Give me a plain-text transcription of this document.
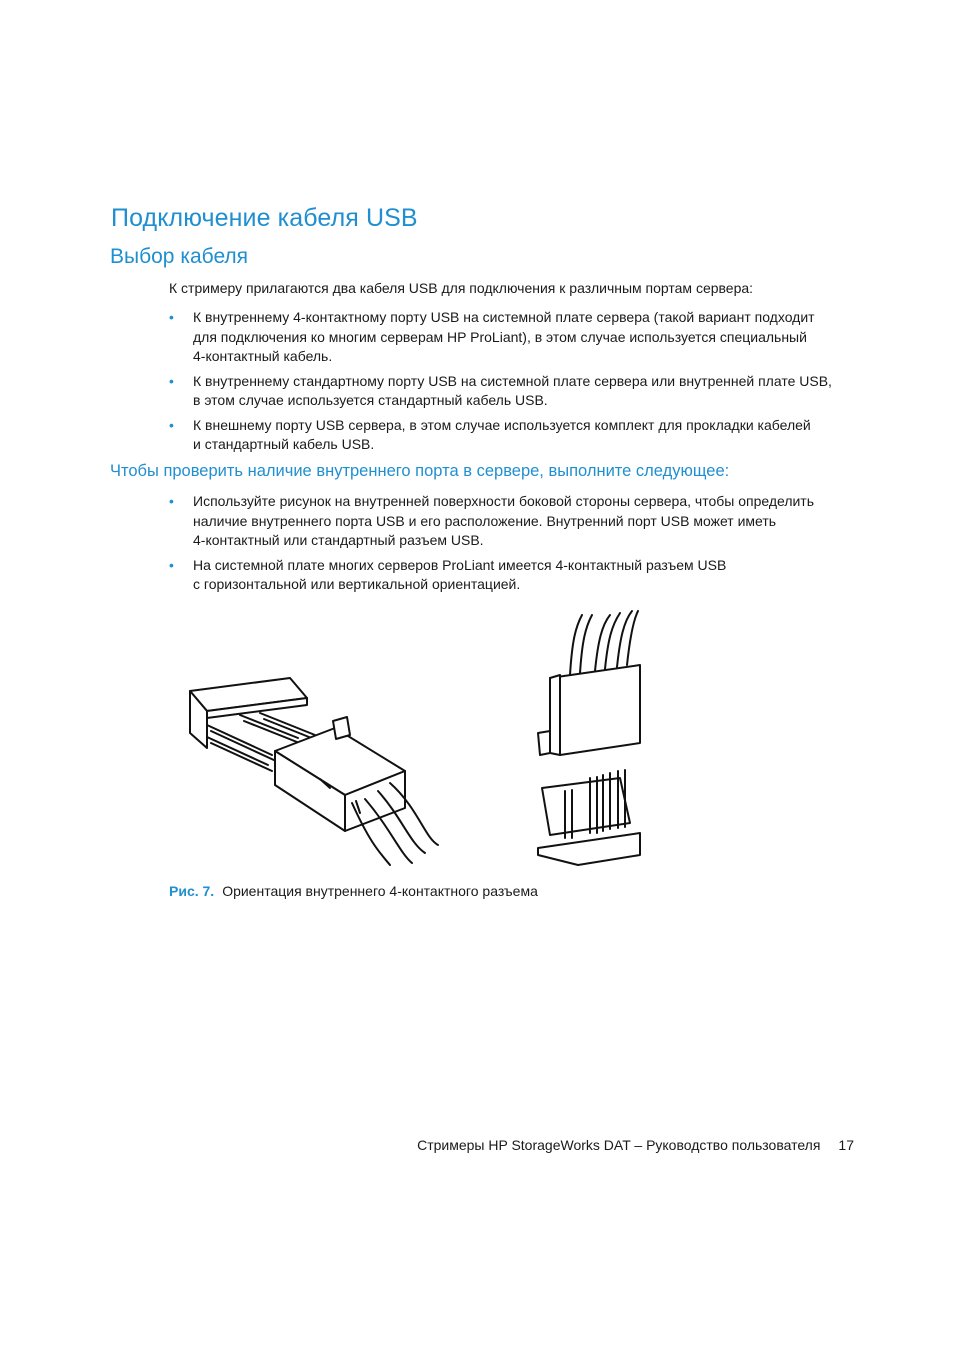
Подключение кабеля USB
Выбор кабеля

К стримеру прилагаются два кабеля USB для подключения к различным портам сервера:

• К внутреннему 4-контактному порту USB на системной плате сервера (такой вариант подходит
для подключения ко многим серверам HP ProLiant), в этом случае используется специальный
4-контактный кабель.
• К внутреннему стандартному порту USB на системной плате сервера или внутренней плате USB,
в этом случае используется стандартный кабель USB.
• К внешнему порту USB сервера, в этом случае используется комплект для прокладки кабелей
и стандартный кабель USB.
Чтобы проверить наличие внутреннего порта в сервере, выполните следующее:
• Используйте рисунок на внутренней поверхности боковой стороны сервера, чтобы определить
наличие внутреннего порта USB и его расположение. Внутренний порт USB может иметь
4-контактный или стандартный разъем USB.
• На системной плате многих серверов ProLiant имеется 4-контактный разъем USB
с горизонтальной или вертикальной ориентацией.
Рис. 7. Ориентация внутреннего 4-контактного разъема
Стримеры HP StorageWorks DAT – Руководство пользователя 17
